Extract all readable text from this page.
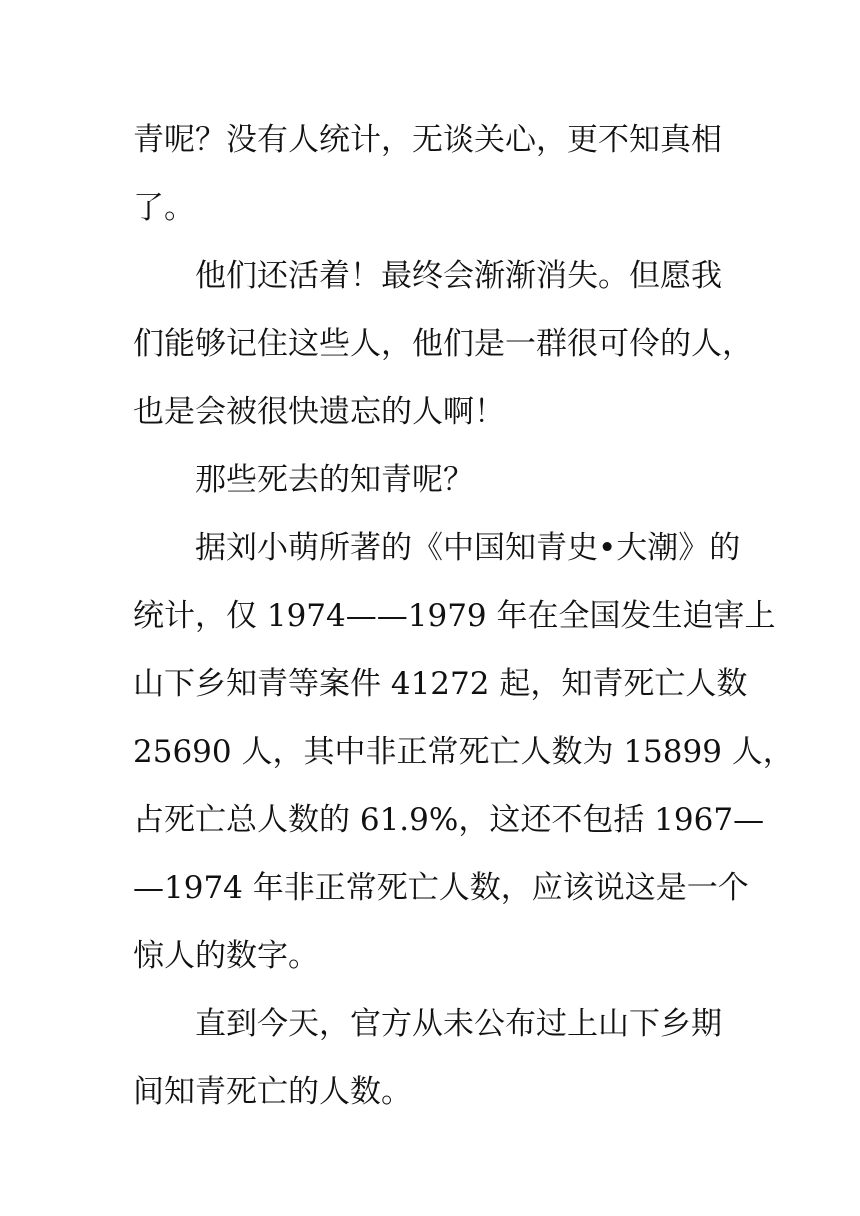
青呢？没有人统计，无谈关心，更不知真相
了。
他们还活着！最终会渐渐消失。但愿我
们能够记住这些人，他们是一群很可伶的人，
也是会被很快遗忘的人啊！
那些死去的知青呢？
据刘小萌所著的《中国知青史•大潮》的
统计，仅 1974——1979 年在全国发生迫害上
山下乡知青等案件 41272 起，知青死亡人数
25690 人，其中非正常死亡人数为 15899 人，
占死亡总人数的 61.9%，这还不包括 1967—
—1974 年非正常死亡人数，应该说这是一个
惊人的数字。
直到今天，官方从未公布过上山下乡期
间知青死亡的人数。
